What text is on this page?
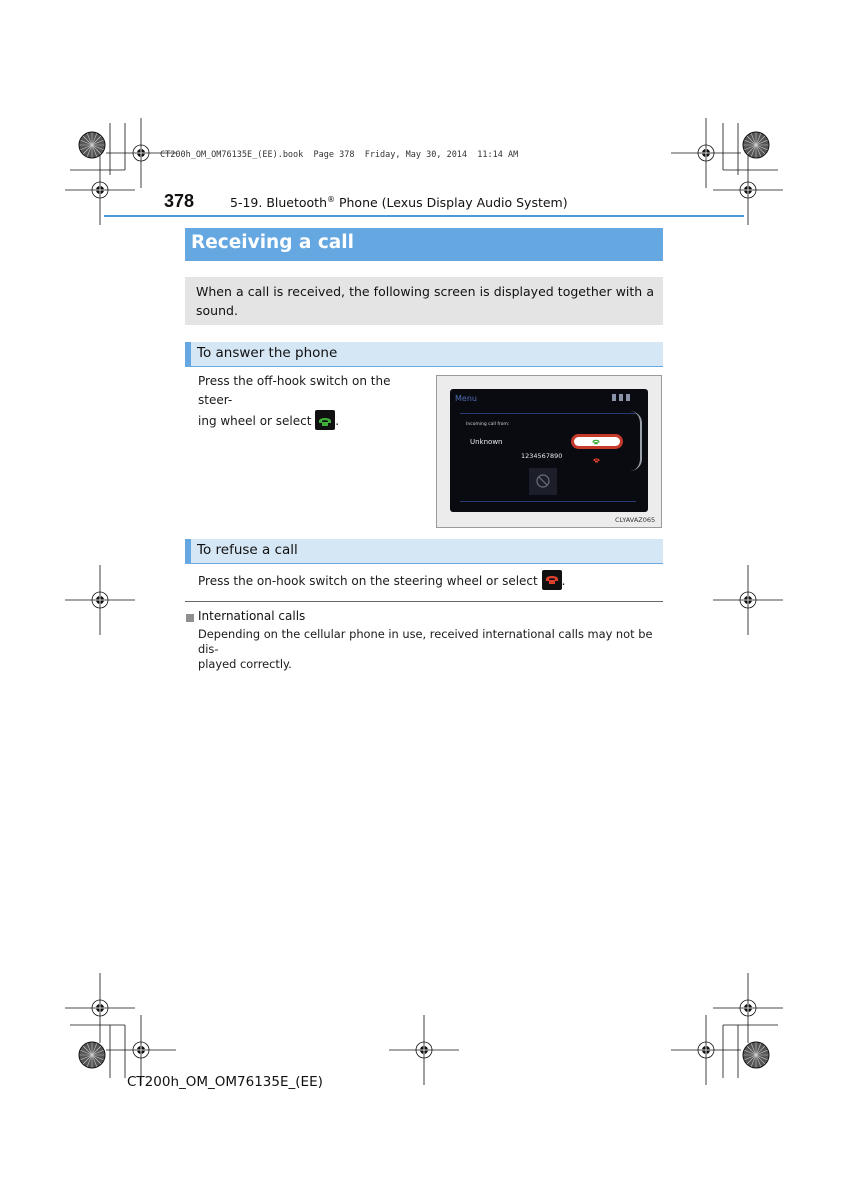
CT200h_OM_OM76135E_(EE).book  Page 378  Friday, May 30, 2014  11:14 AM
378	5-19. Bluetooth® Phone (Lexus Display Audio System)
Receiving a call

When a call is received, the following screen is displayed together with a sound.

To answer the phone
Press the off-hook switch on the steer-
ing wheel or select .
Menu
Incoming call from:
Unknown
1234567890
CLYAVAZ065
To refuse a call
Press the on-hook switch on the steering wheel or select .
International calls
Depending on the cellular phone in use, received international calls may not be dis-
played correctly.
CT200h_OM_OM76135E_(EE)
